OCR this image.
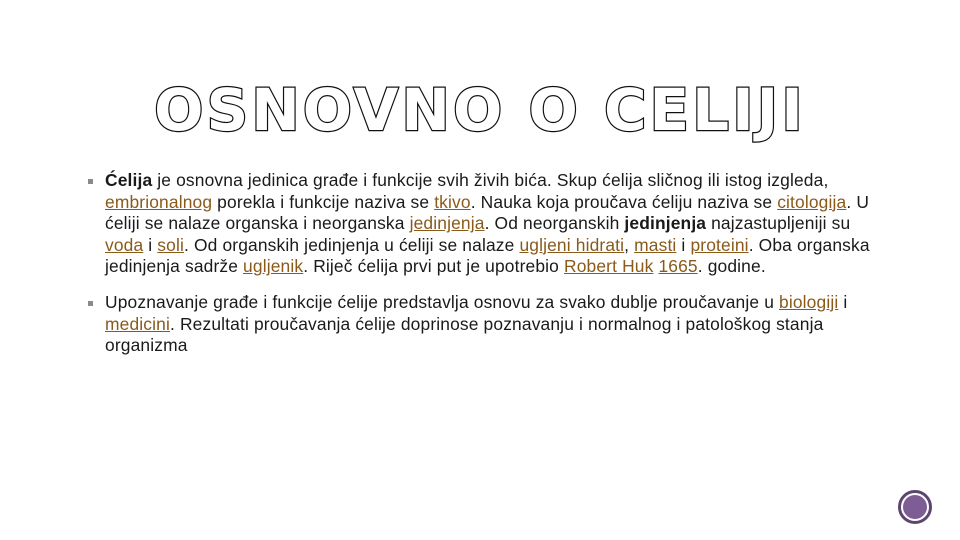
OSNOVNO O CELIJI

Ćelija je osnovna jedinica građe i funkcije svih živih bića. Skup ćelija sličnog ili istog izgleda, embrionalnog porekla i funkcije naziva se tkivo. Nauka koja proučava ćeliju naziva se citologija. U ćeliji se nalaze organska i neorganska jedinjenja. Od neorganskih jedinjenja najzastupljeniji su voda i soli. Od organskih jedinjenja u ćeliji se nalaze ugljeni hidrati, masti i proteini. Oba organska jedinjenja sadrže ugljenik. Riječ ćelija prvi put je upotrebio Robert Huk 1665. godine.

Upoznavanje građe i funkcije ćelije predstavlja osnovu za svako dublje proučavanje u biologiji i medicini. Rezultati proučavanja ćelije doprinose poznavanju i normalnog i patološkog stanja organizma
